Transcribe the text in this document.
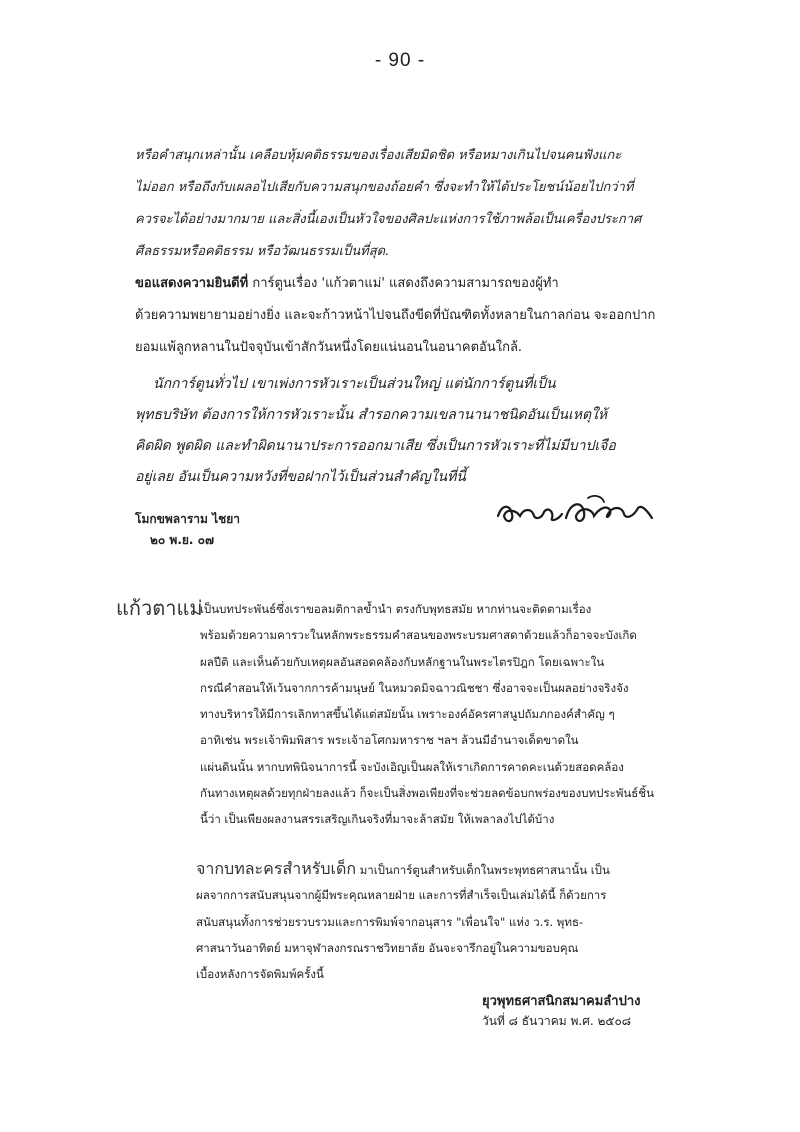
- 90 -
หรือคำสนุกเหล่านั้น เคลือบหุ้มคติธรรมของเรื่องเสียมิดชิด หรือหมางเกินไปจนคนฟังแกะ
ไม่ออก หรือถึงกับเผลอไปเสียกับความสนุกของถ้อยคำ ซึ่งจะทำให้ได้ประโยชน์น้อยไปกว่าที่
ควรจะได้อย่างมากมาย และสิ่งนี้เองเป็นหัวใจของศิลปะแห่งการใช้ภาพล้อเป็นเครื่องประกาศ
ศีลธรรมหรือคติธรรม หรือวัฒนธรรมเป็นที่สุด.
ขอแสดงความยินดีที่ การ์ตูนเรื่อง 'แก้วตาแม่' แสดงถึงความสามารถของผู้ทำ
ด้วยความพยายามอย่างยิ่ง และจะก้าวหน้าไปจนถึงขีดที่บัณฑิตทั้งหลายในกาลก่อน จะออกปาก
ยอมแพ้ลูกหลานในปัจจุบันเข้าสักวันหนึ่งโดยแน่นอนในอนาคตอันใกล้.
นักการ์ตูนทั่วไป เขาเพ่งการหัวเราะเป็นส่วนใหญ่ แต่นักการ์ตูนที่เป็น
พุทธบริษัท ต้องการให้การหัวเราะนั้น สำรอกความเขลานานาชนิดอันเป็นเหตุให้
คิดผิด พูดผิด และทำผิดนานาประการออกมาเสีย ซึ่งเป็นการหัวเราะที่ไม่มีบาปเจือ
อยู่เลย อันเป็นความหวังที่ขอฝากไว้เป็นส่วนสำคัญในที่นี้
โมกขพลาราม ไชยา
๒๐ พ.ย. ๐๗
แก้วตาแม่
เป็นบทประพันธ์ซึ่งเราขอลมติกาลข้ำนำ ตรงกับพุทธสมัย หากท่านจะติดตามเรื่อง
พร้อมด้วยความคารวะในหลักพระธรรมคำสอนของพระบรมศาสดาด้วยแล้วก็อาจจะบังเกิด
ผลปีติ และเห็นด้วยกับเหตุผลอันสอดคล้องกับหลักฐานในพระไตรปิฎก โดยเฉพาะใน
กรณีคำสอนให้เว้นจากการค้ามนุษย์ ในหมวดมิจฉาวณิชชา ซึ่งอาจจะเป็นผลอย่างจริงจัง
ทางบริหารให้มีการเลิกทาสขึ้นได้แต่สมัยนั้น เพราะองค์อัครศาสนูปถัมภกองค์สำคัญ ๆ
อาทิเช่น พระเจ้าพิมพิสาร พระเจ้าอโศกมหาราช ฯลฯ ล้วนมีอำนาจเด็ดขาดใน
แผ่นดินนั้น หากบทพินิจนาการนี้ จะบังเอิญเป็นผลให้เราเกิดการคาดคะเนด้วยสอดคล้อง
กันทางเหตุผลด้วยทุกฝ่ายลงแล้ว ก็จะเป็นสิ่งพอเพียงที่จะช่วยลดข้อบกพร่องของบทประพันธ์ชิ้น
นี้ว่า เป็นเพียงผลงานสรรเสริญเกินจริงที่มาจะล้าสมัย ให้เพลาลงไปได้บ้าง
จากบทละครสำหรับเด็ก มาเป็นการ์ตูนสำหรับเด็กในพระพุทธศาสนานั้น เป็น
ผลจากการสนับสนุนจากผู้มีพระคุณหลายฝ่าย และการที่สำเร็จเป็นเล่มได้นี้ ก็ด้วยการ
สนับสนุนทั้งการช่วยรวบรวมและการพิมพ์จากอนุสาร "เพื่อนใจ" แห่ง ว.ร. พุทธ-
ศาสนาวันอาทิตย์ มหาจุฬาลงกรณราชวิทยาลัย อันจะจารึกอยู่ในความขอบคุณ
เบื้องหลังการจัดพิมพ์ครั้งนี้
ยุวพุทธศาสนิกสมาคมลำปาง
วันที่ ๘ ธันวาคม พ.ศ. ๒๕๐๘
